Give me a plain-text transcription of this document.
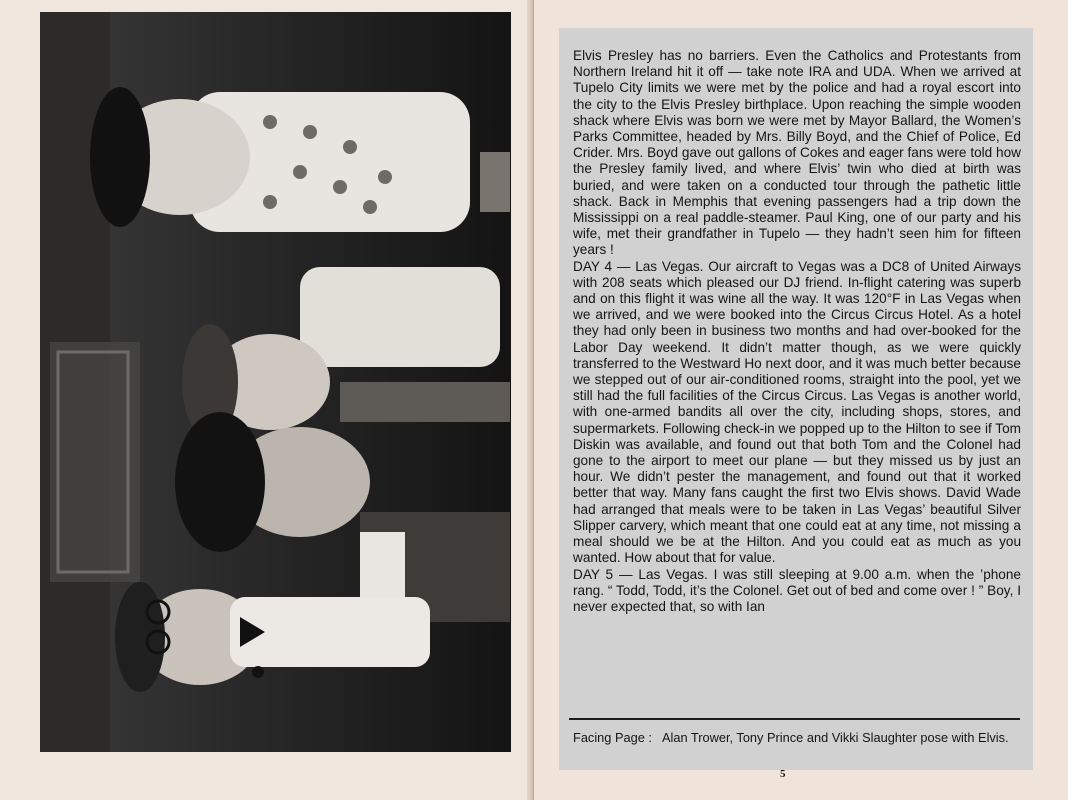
Elvis Presley has no barriers. Even the Catholics and Protestants from Northern Ireland hit it off — take note IRA and UDA. When we arrived at Tupelo City limits we were met by the police and had a royal escort into the city to the Elvis Presley birthplace. Upon reaching the simple wooden shack where Elvis was born we were met by Mayor Ballard, the Women’s Parks Committee, headed by Mrs. Billy Boyd, and the Chief of Police, Ed Crider. Mrs. Boyd gave out gallons of Cokes and eager fans were told how the Presley family lived, and where Elvis’ twin who died at birth was buried, and were taken on a conducted tour through the pathetic little shack. Back in Memphis that evening passengers had a trip down the Mississippi on a real paddle-steamer. Paul King, one of our party and his wife, met their grandfather in Tupelo — they hadn’t seen him for fifteen years !

DAY 4 — Las Vegas. Our aircraft to Vegas was a DC8 of United Airways with 208 seats which pleased our DJ friend. In-flight catering was superb and on this flight it was wine all the way. It was 120°F in Las Vegas when we arrived, and we were booked into the Circus Circus Hotel. As a hotel they had only been in business two months and had over-booked for the Labor Day weekend. It didn’t matter though, as we were quickly transferred to the Westward Ho next door, and it was much better because we stepped out of our air-conditioned rooms, straight into the pool, yet we still had the full facilities of the Circus Circus. Las Vegas is another world, with one-armed bandits all over the city, including shops, stores, and supermarkets. Following check-in we popped up to the Hilton to see if Tom Diskin was available, and found out that both Tom and the Colonel had gone to the airport to meet our plane — but they missed us by just an hour. We didn’t pester the management, and found out that it worked better that way. Many fans caught the first two Elvis shows. David Wade had arranged that meals were to be taken in Las Vegas’ beautiful Silver Slipper carvery, which meant that one could eat at any time, not missing a meal should we be at the Hilton. And you could eat as much as you wanted. How about that for value.

DAY 5 — Las Vegas. I was still sleeping at 9.00 a.m. when the ’phone rang. “ Todd, Todd, it’s the Colonel. Get out of bed and come over ! ” Boy, I never expected that, so with Ian

Facing Page : Alan Trower, Tony Prince and Vikki Slaughter pose with Elvis.
5
